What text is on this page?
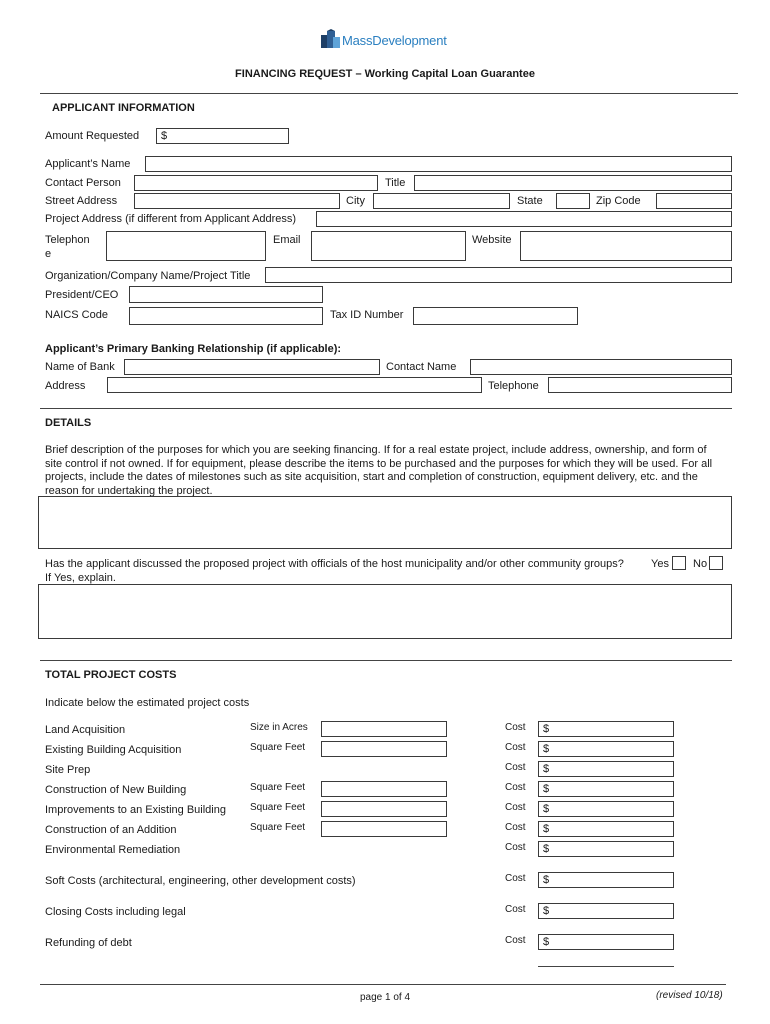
MassDevelopment
FINANCING REQUEST – Working Capital Loan Guarantee
APPLICANT INFORMATION
Amount Requested $
Applicant’s Name
Contact Person	Title
Street Address	City	State	Zip Code
Project Address (if different from Applicant Address)
Telephon
e
Email	Website
Organization/Company Name/Project Title
President/CEO
NAICS Code	Tax ID Number
Applicant’s Primary Banking Relationship (if applicable):
Name of Bank	Contact Name
Address	Telephone
DETAILS
Brief description of the purposes for which you are seeking financing. If for a real estate project, include address, ownership, and form of site control if not owned. If for equipment, please describe the items to be purchased and the purposes for which they will be used. For all projects, include the dates of milestones such as site acquisition, start and completion of construction, equipment delivery, etc. and the reason for undertaking the project.
Has the applicant discussed the proposed project with officials of the host municipality and/or other community groups? Yes No
If Yes, explain.
TOTAL PROJECT COSTS
Indicate below the estimated project costs
Land Acquisition	Size in Acres	Cost $
Existing Building Acquisition	Square Feet	Cost $
Site Prep	Cost $
Construction of New Building	Square Feet	Cost $
Improvements to an Existing Building Square Feet	Cost $
Construction of an Addition	Square Feet	Cost $
Environmental Remediation	Cost $
Soft Costs (architectural, engineering, other development costs)	Cost $
Closing Costs including legal	Cost $
Refunding of debt	Cost $
page 1 of 4	(revised 10/18)
